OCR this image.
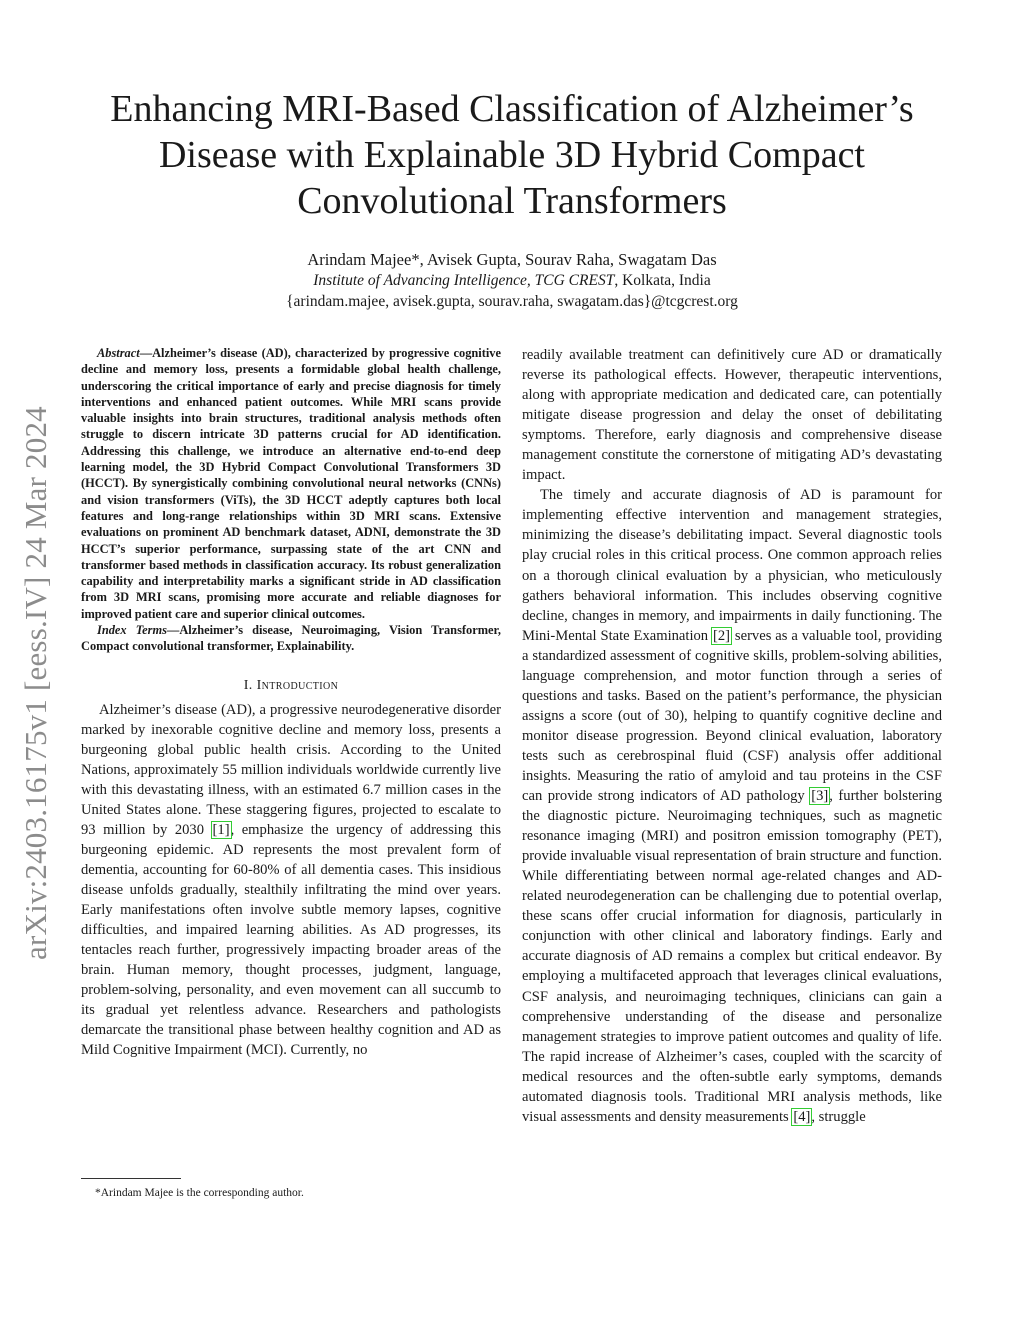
arXiv:2403.16175v1 [eess.IV] 24 Mar 2024
Enhancing MRI-Based Classification of Alzheimer’s Disease with Explainable 3D Hybrid Compact Convolutional Transformers
Arindam Majee*, Avisek Gupta, Sourav Raha, Swagatam Das
Institute of Advancing Intelligence, TCG CREST, Kolkata, India
{arindam.majee, avisek.gupta, sourav.raha, swagatam.das}@tcgcrest.org

Abstract—Alzheimer’s disease (AD), characterized by progressive cognitive decline and memory loss, presents a formidable global health challenge, underscoring the critical importance of early and precise diagnosis for timely interventions and enhanced patient outcomes. While MRI scans provide valuable insights into brain structures, traditional analysis methods often struggle to discern intricate 3D patterns crucial for AD identification. Addressing this challenge, we introduce an alternative end-to-end deep learning model, the 3D Hybrid Compact Convolutional Transformers 3D (HCCT). By synergistically combining convolutional neural networks (CNNs) and vision transformers (ViTs), the 3D HCCT adeptly captures both local features and long-range relationships within 3D MRI scans. Extensive evaluations on prominent AD benchmark dataset, ADNI, demonstrate the 3D HCCT’s superior performance, surpassing state of the art CNN and transformer based methods in classification accuracy. Its robust generalization capability and interpretability marks a significant stride in AD classification from 3D MRI scans, promising more accurate and reliable diagnoses for improved patient care and superior clinical outcomes.

Index Terms—Alzheimer’s disease, Neuroimaging, Vision Transformer, Compact convolutional transformer, Explainability.

I. Introduction

Alzheimer’s disease (AD), a progressive neurodegenerative disorder marked by inexorable cognitive decline and memory loss, presents a burgeoning global public health crisis. According to the United Nations, approximately 55 million individuals worldwide currently live with this devastating illness, with an estimated 6.7 million cases in the United States alone. These staggering figures, projected to escalate to 93 million by 2030 [1], emphasize the urgency of addressing this burgeoning epidemic. AD represents the most prevalent form of dementia, accounting for 60-80% of all dementia cases. This insidious disease unfolds gradually, stealthily infiltrating the mind over years. Early manifestations often involve subtle memory lapses, cognitive difficulties, and impaired learning abilities. As AD progresses, its tentacles reach further, progressively impacting broader areas of the brain. Human memory, thought processes, judgment, language, problem-solving, personality, and even movement can all succumb to its gradual yet relentless advance. Researchers and pathologists demarcate the transitional phase between healthy cognition and AD as Mild Cognitive Impairment (MCI). Currently, no

readily available treatment can definitively cure AD or dramatically reverse its pathological effects. However, therapeutic interventions, along with appropriate medication and dedicated care, can potentially mitigate disease progression and delay the onset of debilitating symptoms. Therefore, early diagnosis and comprehensive disease management constitute the cornerstone of mitigating AD’s devastating impact.

The timely and accurate diagnosis of AD is paramount for implementing effective intervention and management strategies, minimizing the disease’s debilitating impact. Several diagnostic tools play crucial roles in this critical process. One common approach relies on a thorough clinical evaluation by a physician, who meticulously gathers behavioral information. This includes observing cognitive decline, changes in memory, and impairments in daily functioning. The Mini-Mental State Examination [2] serves as a valuable tool, providing a standardized assessment of cognitive skills, problem-solving abilities, language comprehension, and motor function through a series of questions and tasks. Based on the patient’s performance, the physician assigns a score (out of 30), helping to quantify cognitive decline and monitor disease progression. Beyond clinical evaluation, laboratory tests such as cerebrospinal fluid (CSF) analysis offer additional insights. Measuring the ratio of amyloid and tau proteins in the CSF can provide strong indicators of AD pathology [3], further bolstering the diagnostic picture. Neuroimaging techniques, such as magnetic resonance imaging (MRI) and positron emission tomography (PET), provide invaluable visual representation of brain structure and function. While differentiating between normal age-related changes and AD-related neurodegeneration can be challenging due to potential overlap, these scans offer crucial information for diagnosis, particularly in conjunction with other clinical and laboratory findings. Early and accurate diagnosis of AD remains a complex but critical endeavor. By employing a multifaceted approach that leverages clinical evaluations, CSF analysis, and neuroimaging techniques, clinicians can gain a comprehensive understanding of the disease and personalize management strategies to improve patient outcomes and quality of life. The rapid increase of Alzheimer’s cases, coupled with the scarcity of medical resources and the often-subtle early symptoms, demands automated diagnosis tools. Traditional MRI analysis methods, like visual assessments and density measurements [4], struggle

*Arindam Majee is the corresponding author.
